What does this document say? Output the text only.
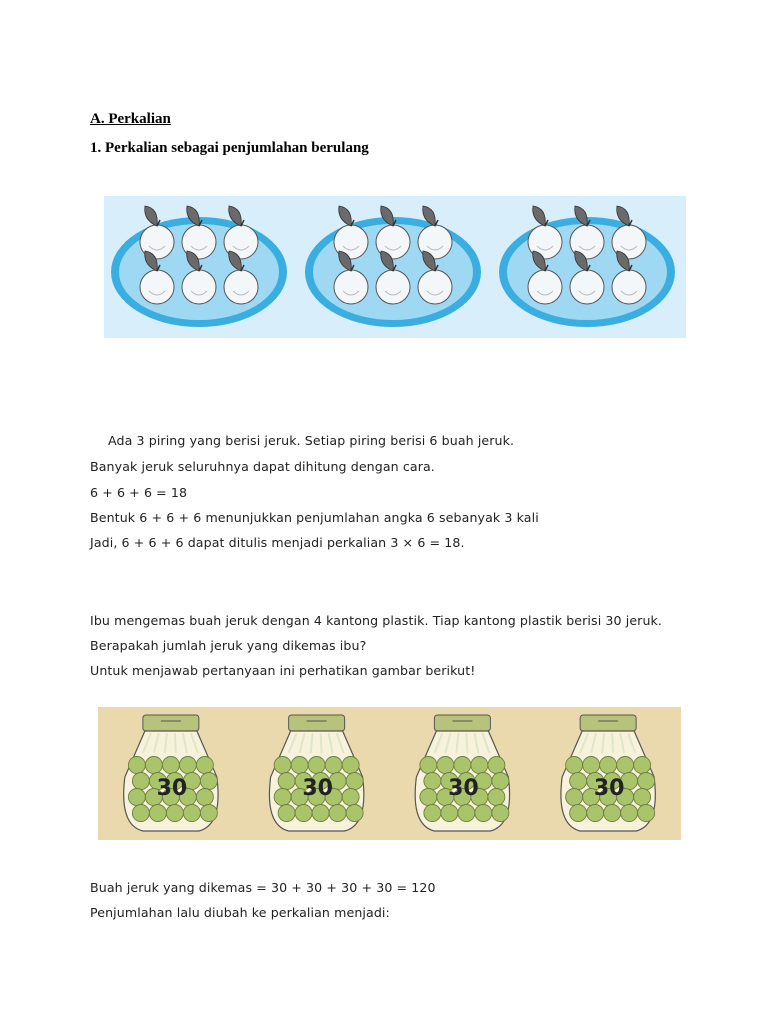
A. Perkalian
1. Perkalian sebagai penjumlahan berulang
Ada 3 piring yang berisi jeruk. Setiap piring berisi 6 buah jeruk.
Banyak jeruk seluruhnya dapat dihitung dengan cara.
6 + 6 + 6 = 18
Bentuk 6 + 6 + 6 menunjukkan penjumlahan angka 6 sebanyak 3 kali
Jadi, 6 + 6 + 6 dapat ditulis menjadi perkalian 3 × 6 = 18.
Ibu mengemas buah jeruk dengan 4 kantong plastik. Tiap kantong plastik berisi 30 jeruk.
Berapakah jumlah jeruk yang dikemas ibu?
Untuk menjawab pertanyaan ini perhatikan gambar berikut!
30	30	30	30
Buah jeruk yang dikemas = 30 + 30 + 30 + 30 = 120
Penjumlahan lalu diubah ke perkalian menjadi:
